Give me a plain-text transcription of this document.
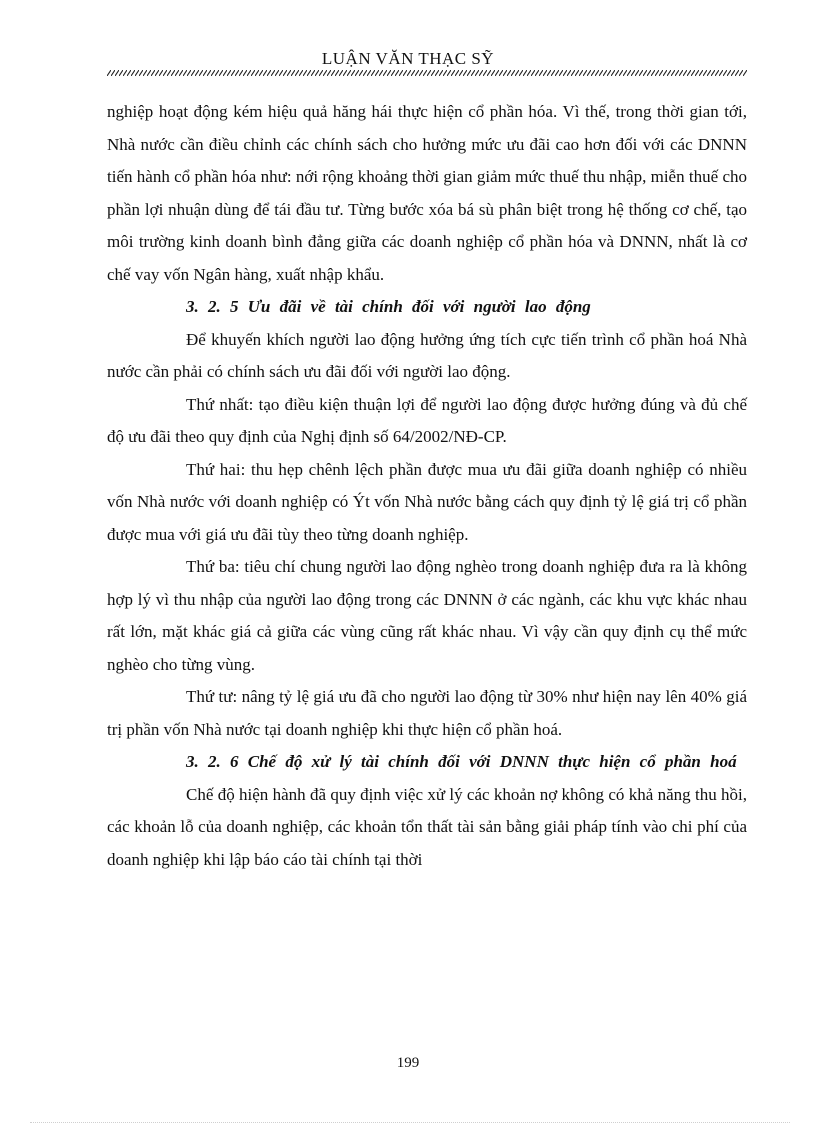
LUẬN VĂN THẠC SỸ

nghiệp hoạt động kém hiệu quả hăng hái thực hiện cổ phần hóa. Vì thế, trong thời gian tới, Nhà nước cần điều chỉnh các chính sách cho hưởng mức ưu đãi cao hơn đối với các DNNN tiến hành cổ phần hóa như: nới rộng khoảng thời gian giảm mức thuế thu nhập, miễn thuế cho phần lợi nhuận dùng để tái đầu tư. Từng bước xóa bá sù phân biệt trong hệ thống cơ chế, tạo môi trường kinh doanh bình đẳng giữa các doanh nghiệp cổ phần hóa và DNNN, nhất là cơ chế vay vốn Ngân hàng, xuất nhập khẩu.

3. 2. 5 Ưu đãi về tài chính đối với người lao động

Để khuyến khích người lao động hưởng ứng tích cực tiến trình cổ phần hoá Nhà nước cần phải có chính sách ưu đãi đối với người lao động.

Thứ nhất: tạo điều kiện thuận lợi để người lao động được hưởng đúng và đủ chế độ ưu đãi theo quy định của Nghị định số 64/2002/NĐ-CP.

Thứ hai: thu hẹp chênh lệch phần được mua ưu đãi giữa doanh nghiệp có nhiều vốn Nhà nước với doanh nghiệp có Ýt vốn Nhà nước bằng cách quy định tỷ lệ giá trị cổ phần được mua với giá ưu đãi tùy theo từng doanh nghiệp.

Thứ ba: tiêu chí chung người lao động nghèo trong doanh nghiệp đưa ra là không hợp lý vì thu nhập của người lao động trong các DNNN ở các ngành, các khu vực khác nhau rất lớn, mặt khác giá cả giữa các vùng cũng rất khác nhau. Vì vậy cần quy định cụ thể mức nghèo cho từng vùng.

Thứ tư: nâng tỷ lệ giá ưu đã cho người lao động từ 30% như hiện nay lên 40% giá trị phần vốn Nhà nước tại doanh nghiệp khi thực hiện cổ phần hoá.

3. 2. 6 Chế độ xử lý tài chính đối với DNNN thực hiện cổ phần hoá

Chế độ hiện hành đã quy định việc xử lý các khoản nợ không có khả năng thu hồi, các khoản lỗ của doanh nghiệp, các khoản tổn thất tài sản bằng giải pháp tính vào chi phí của doanh nghiệp khi lập báo cáo tài chính tại thời

199
